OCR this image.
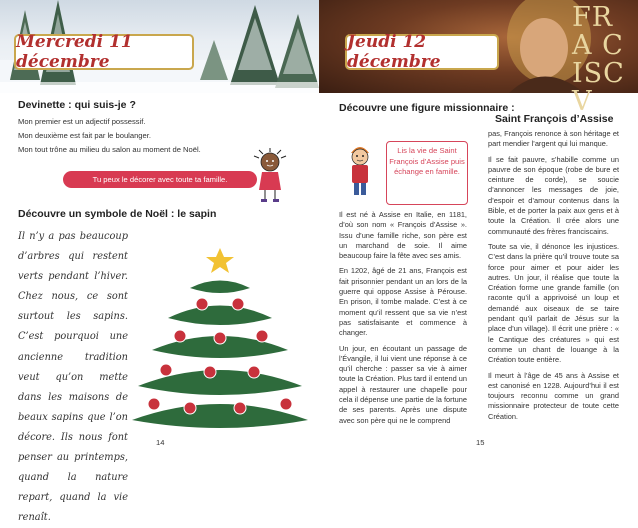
Mercredi 11 décembre
Devinette : qui suis-je ?
Mon premier est un adjectif possessif.
Mon deuxième est fait par le boulanger.
Mon tout trône au milieu du salon au moment de Noël.
Tu peux le décorer avec toute ta famille.
Découvre un symbole de Noël : le sapin
Il n’y a pas beaucoup d’arbres qui restent verts pendant l’hiver. Chez nous, ce sont surtout les sapins. C’est pourquoi une ancienne tradition veut qu’on mette dans les maisons de beaux sapins que l’on décore. Ils nous font penser au printemps, quand la nature repart, quand la vie renaît.
14
FRA CISCV
Jeudi 12 décembre
Découvre une figure missionnaire :
Saint François d’Assise
Lis la vie de Saint François d’Assise puis échange en famille.

Il est né à Assise en Italie, en 1181, d’où son nom « François d’Assise ». Issu d’une famille riche, son père est un marchand de soie. Il aime beaucoup faire la fête avec ses amis.

En 1202, âgé de 21 ans, François est fait prisonnier pendant un an lors de la guerre qui oppose Assise à Pérouse. En prison, il tombe malade. C’est à ce moment qu’il ressent que sa vie n’est pas satisfaisante et commence à changer.

Un jour, en écoutant un passage de l’Évangile, il lui vient une réponse à ce qu’il cherche : passer sa vie à aimer toute la Création. Plus tard il entend un appel à restaurer une chapelle pour cela il dépense une partie de la fortune de ses parents. Après une dispute avec son père qui ne le comprend

pas, François renonce à son héritage et part mendier l’argent qui lui manque.

Il se fait pauvre, s’habille comme un pauvre de son époque (robe de bure et ceinture de corde), se soucie d’annoncer les messages de joie, d’espoir et d’amour contenus dans la Bible, et de porter la paix aux gens et à toute la Création. Il crée alors une communauté des frères franciscains.

Toute sa vie, il dénonce les injustices. C’est dans la prière qu’il trouve toute sa force pour aimer et pour aider les autres. Un jour, il réalise que toute la Création forme une grande famille (on raconte qu’il a apprivoisé un loup et demandé aux oiseaux de se taire pendant qu’il parlait de Jésus sur la place d’un village). Il écrit une prière : « le Cantique des créatures » qui est comme un chant de louange à la Création toute entière.

Il meurt à l’âge de 45 ans à Assise et est canonisé en 1228. Aujourd’hui il est toujours reconnu comme un grand missionnaire protecteur de toute cette Création.

15
